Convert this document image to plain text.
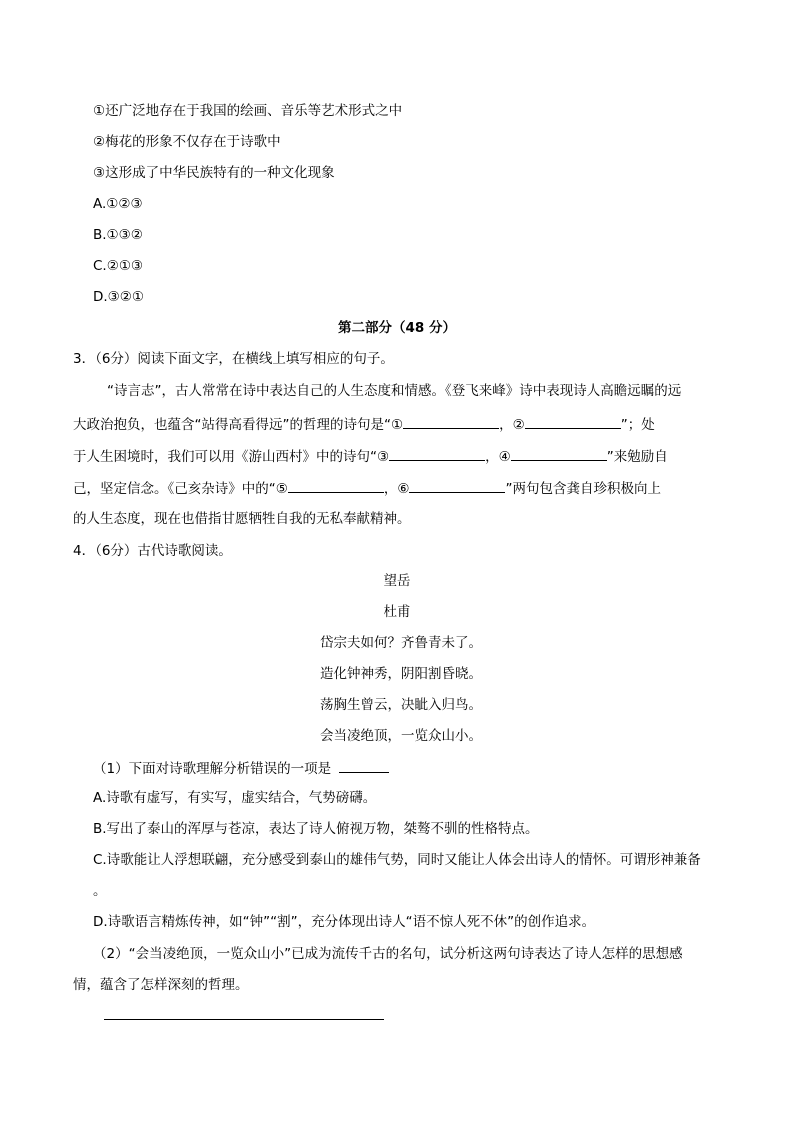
①还广泛地存在于我国的绘画、音乐等艺术形式之中
②梅花的形象不仅存在于诗歌中
③这形成了中华民族特有的一种文化现象
A.①②③
B.①③②
C.②①③
D.③②①
第二部分（48 分）
3．（6分）阅读下面文字，在横线上填写相应的句子。
“诗言志”，古人常常在诗中表达自己的人生态度和情感。《登飞来峰》诗中表现诗人高瞻远瞩的远
大政治抱负，也蕴含“站得高看得远”的哲理的诗句是“①	，②	”；处
于人生困境时，我们可以用《游山西村》中的诗句“③	，④	”来勉励自
己，坚定信念。《己亥杂诗》中的“⑤	，⑥	”两句包含龚自珍积极向上
的人生态度，现在也借指甘愿牺牲自我的无私奉献精神。
4．（6分）古代诗歌阅读。
望岳
杜甫
岱宗夫如何？齐鲁青未了。
造化钟神秀，阴阳割昏晓。
荡胸生曾云，决眦入归鸟。
会当凌绝顶，一览众山小。
（1）下面对诗歌理解分析错误的一项是
A.诗歌有虚写，有实写，虚实结合，气势磅礴。
B.写出了泰山的浑厚与苍凉，表达了诗人俯视万物，桀骜不驯的性格特点。
C.诗歌能让人浮想联翩，充分感受到泰山的雄伟气势，同时又能让人体会出诗人的情怀。可谓形神兼备
。
D.诗歌语言精炼传神，如“钟”“割”，充分体现出诗人“语不惊人死不休”的创作追求。
（2）“会当凌绝顶，一览众山小”已成为流传千古的名句，试分析这两句诗表达了诗人怎样的思想感
情，蕴含了怎样深刻的哲理。
